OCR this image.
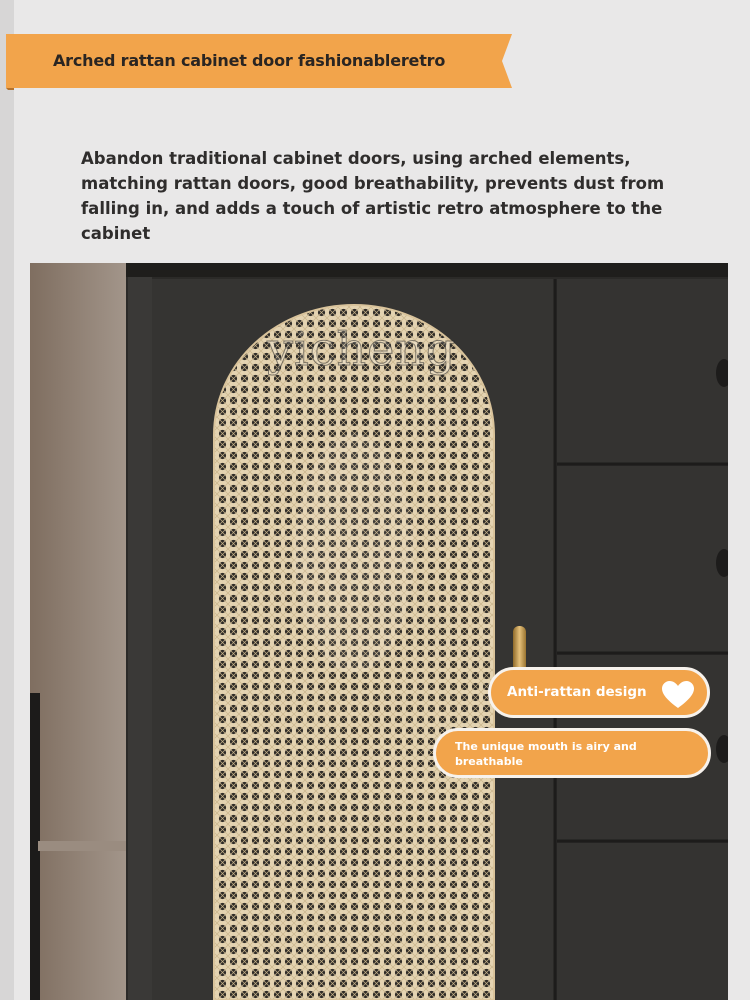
Arched rattan cabinet door fashionableretro

Abandon traditional cabinet doors, using arched elements, matching rattan doors, good breathability, prevents dust from falling in, and adds a touch of artistic retro atmosphere to the cabinet

yicheng
Anti-rattan design
The unique mouth is airy and breathable
